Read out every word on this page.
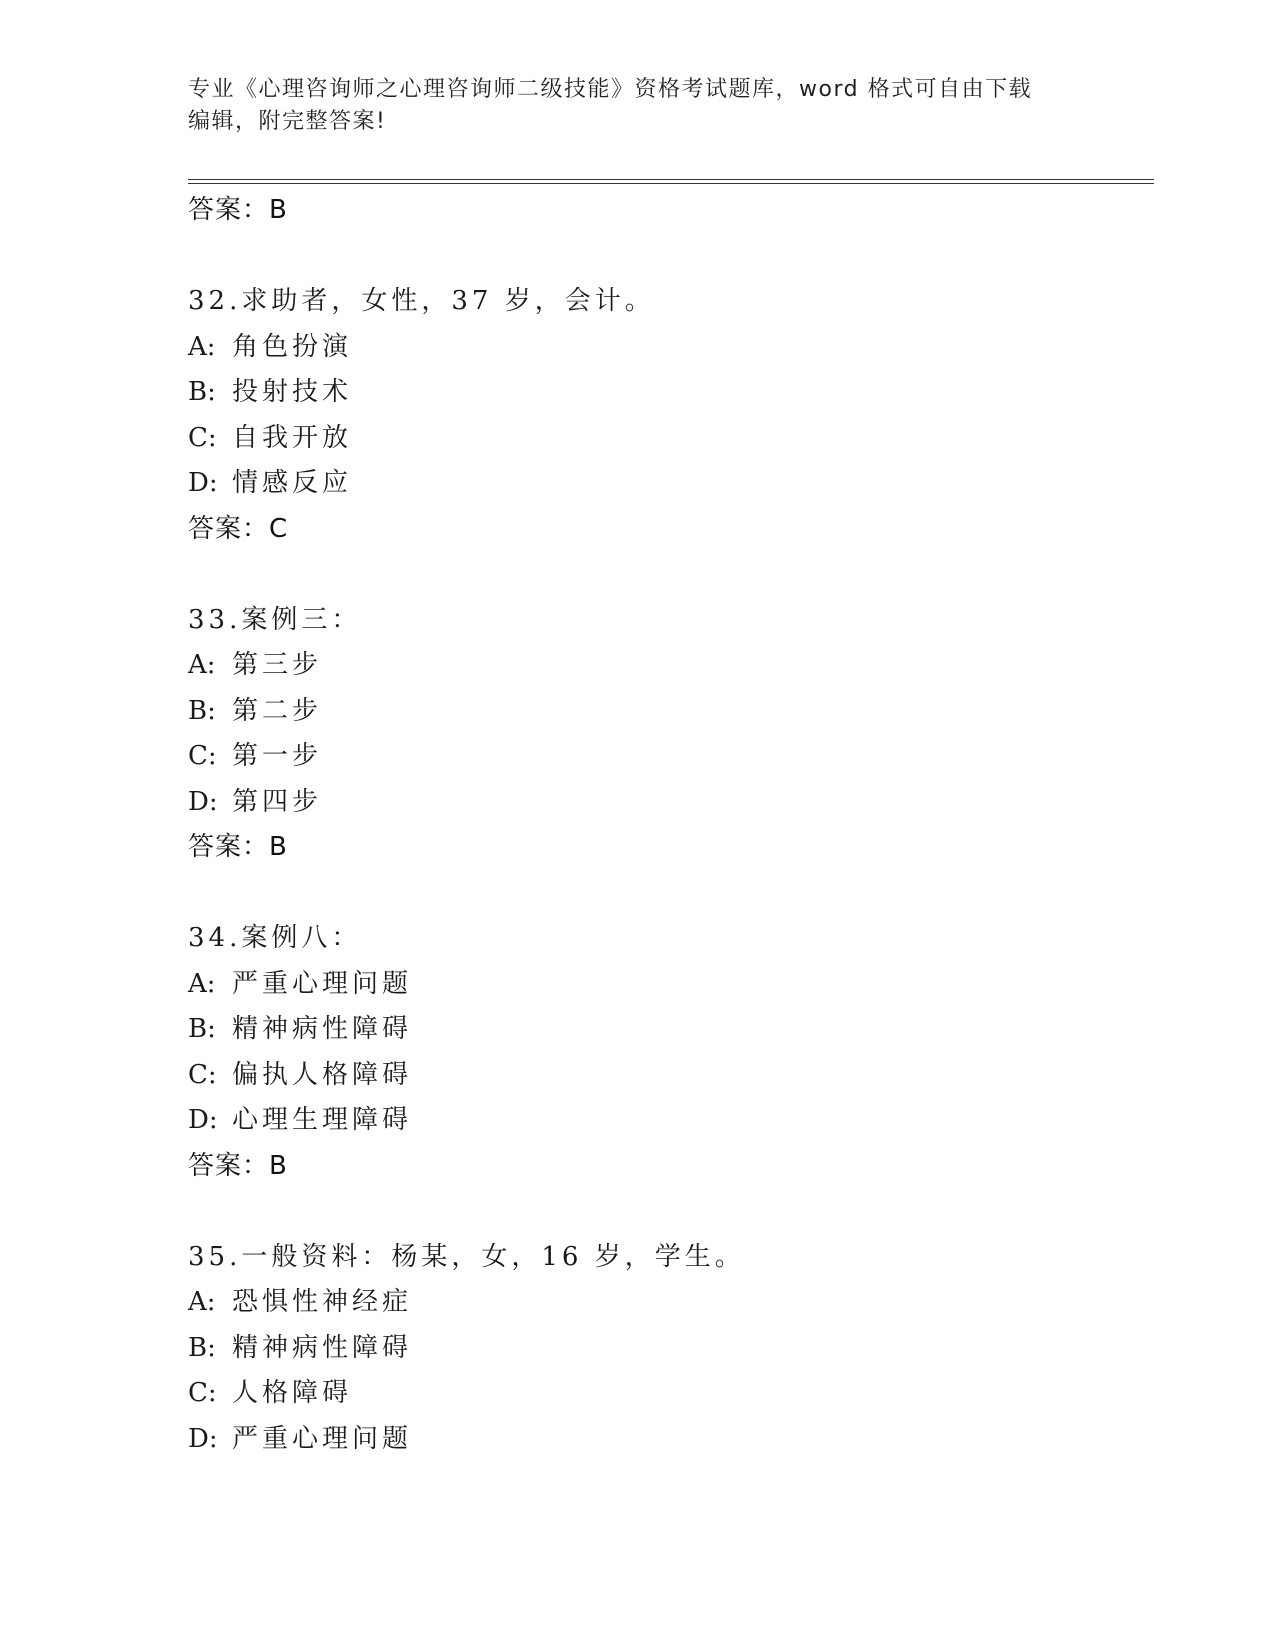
专业《心理咨询师之心理咨询师二级技能》资格考试题库，word 格式可自由下载
编辑，附完整答案!
答案：B
32.求助者，女性，37 岁，会计。
A: 角色扮演
B: 投射技术
C: 自我开放
D: 情感反应
答案：C
33.案例三：
A: 第三步
B: 第二步
C: 第一步
D: 第四步
答案：B
34.案例八：
A: 严重心理问题
B: 精神病性障碍
C: 偏执人格障碍
D: 心理生理障碍
答案：B
35.一般资料：杨某，女，16 岁，学生。
A: 恐惧性神经症
B: 精神病性障碍
C: 人格障碍
D: 严重心理问题
